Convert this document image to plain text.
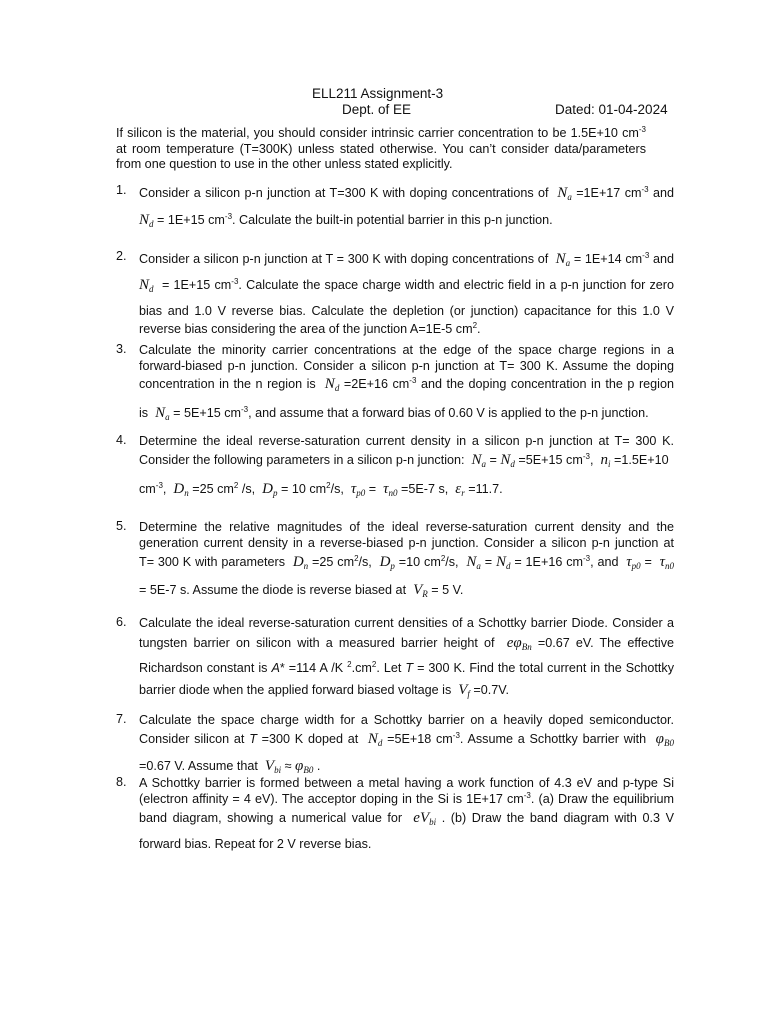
ELL211 Assignment-3
Dept. of EE	Dated: 01-04-2024
If silicon is the material, you should consider intrinsic carrier concentration to be 1.5E+10 $cm^{-3}$ at room temperature (T=300K) unless stated otherwise. You can’t consider data/parameters from one question to use in the other unless stated explicitly.
1. Consider a silicon p-n junction at T=300 K with doping concentrations of  $N_a =1E+17$ $cm^{-3}$ and
$N_d = 1E+15$ $cm^{-3}$. Calculate the built-in potential barrier in this p-n junction.
2. Consider a silicon p-n junction at T = 300 K with doping concentrations of  $N_a = 1E+14$ $cm^{-3}$ and
$N_d = 1E+15$ $cm^{-3}$. Calculate the space charge width and electric field in a p-n junction for zero
bias and 1.0 V reverse bias. Calculate the depletion (or junction) capacitance for this 1.0 V
reverse bias considering the area of the junction A=1E-5 $cm^2$.
3. Calculate the minority carrier concentrations at the edge of the space charge regions in a
forward-biased p-n junction. Consider a silicon p-n junction at T= 300 K. Assume the doping
concentration in the n region is  $N_d =2E+16$ $cm^{-3}$ and the doping concentration in the p region
is  $N_a = 5E+15$ $cm^{-3}$, and assume that a forward bias of 0.60 V is applied to the p-n junction.
4. Determine the ideal reverse-saturation current density in a silicon p-n junction at T= 300 K.
Consider the following parameters in a silicon p-n junction:  $N_a = N_d =5E+15$ $cm^{-3}$,  $n_i =1.5E+10$
$cm^{-3}$,  $D_n =25$ $cm^2$ /s,  $D_p = 10$ $cm^2/s$,  $\tau_{p0} = \tau_{n0} =5E-7$ s,  $\varepsilon_r =11.7$.
5. Determine the relative magnitudes of the ideal reverse-saturation current density and the
generation current density in a reverse-biased p-n junction. Consider a silicon p-n junction at
T= 300 K with parameters  $D_n =25$ $cm^2/s$,  $D_p =10$ $cm^2/s$,  $N_a = N_d = 1E+16$ $cm^{-3}$, and  $\tau_{p0} = \tau_{n0}$
= 5E-7 s. Assume the diode is reverse biased at  $V_R = 5$ V.
6. Calculate the ideal reverse-saturation current densities of a Schottky barrier Diode. Consider a
tungsten barrier on silicon with a measured barrier height of  $e\varphi_{Bn} =0.67$ eV. The effective
Richardson constant is A* =114 A /K $^2.cm^2$. Let T = 300 K. Find the total current in the Schottky
barrier diode when the applied forward biased voltage is  $V_f =0.7V$.
7. Calculate the space charge width for a Schottky barrier on a heavily doped semiconductor.
Consider silicon at T =300 K doped at  $N_d =5E+18$ $cm^{-3}$. Assume a Schottky barrier with  $\varphi_{B0}$
=0.67 V. Assume that  $V_{bi} \approx \varphi_{B0}$ .
8. A Schottky barrier is formed between a metal having a work function of 4.3 eV and p-type Si
(electron affinity = 4 eV). The acceptor doping in the Si is 1E+17 $cm^{-3}$. (a) Draw the equilibrium
band diagram, showing a numerical value for  $eV_{bi}$ . (b) Draw the band diagram with 0.3 V
forward bias. Repeat for 2 V reverse bias.
